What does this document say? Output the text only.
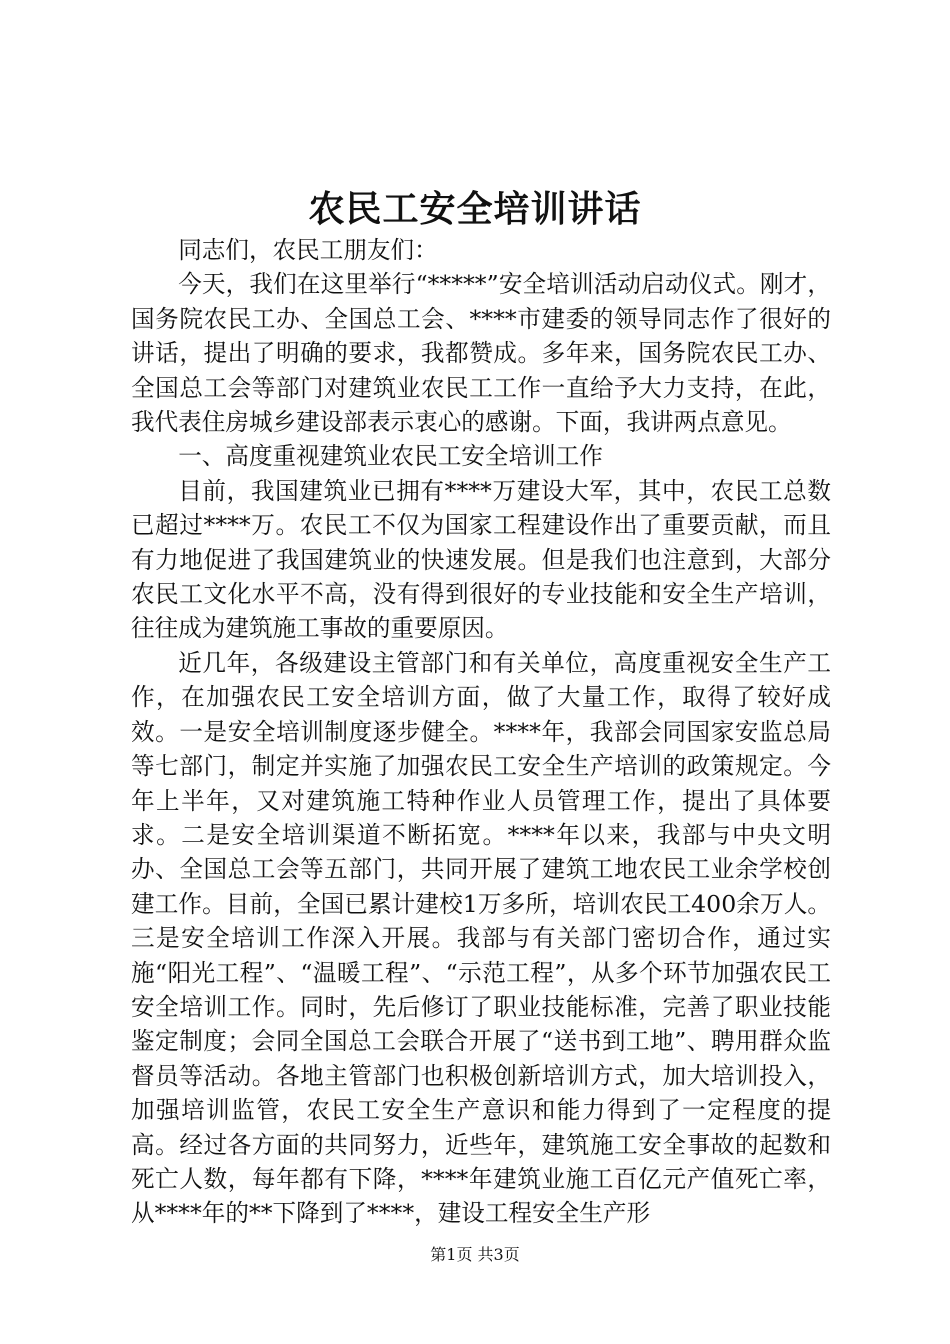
农民工安全培训讲话

同志们，农民工朋友们：

今天，我们在这里举行“*****”安全培训活动启动仪式。刚才，国务院农民工办、全国总工会、****市建委的领导同志作了很好的讲话，提出了明确的要求，我都赞成。多年来，国务院农民工办、全国总工会等部门对建筑业农民工工作一直给予大力支持，在此，我代表住房城乡建设部表示衷心的感谢。下面，我讲两点意见。

一、高度重视建筑业农民工安全培训工作

目前，我国建筑业已拥有****万建设大军，其中，农民工总数已超过****万。农民工不仅为国家工程建设作出了重要贡献，而且有力地促进了我国建筑业的快速发展。但是我们也注意到，大部分农民工文化水平不高，没有得到很好的专业技能和安全生产培训，往往成为建筑施工事故的重要原因。

近几年，各级建设主管部门和有关单位，高度重视安全生产工作，在加强农民工安全培训方面，做了大量工作，取得了较好成效。一是安全培训制度逐步健全。****年，我部会同国家安监总局等七部门，制定并实施了加强农民工安全生产培训的政策规定。今年上半年，又对建筑施工特种作业人员管理工作，提出了具体要求。二是安全培训渠道不断拓宽。****年以来，我部与中央文明办、全国总工会等五部门，共同开展了建筑工地农民工业余学校创建工作。目前，全国已累计建校1万多所，培训农民工400余万人。三是安全培训工作深入开展。我部与有关部门密切合作，通过实施“阳光工程”、“温暖工程”、“示范工程”，从多个环节加强农民工安全培训工作。同时，先后修订了职业技能标准，完善了职业技能鉴定制度；会同全国总工会联合开展了“送书到工地”、聘用群众监督员等活动。各地主管部门也积极创新培训方式，加大培训投入，加强培训监管，农民工安全生产意识和能力得到了一定程度的提高。经过各方面的共同努力，近些年，建筑施工安全事故的起数和死亡人数，每年都有下降，****年建筑业施工百亿元产值死亡率，从****年的**下降到了****，建设工程安全生产形

第1页 共3页
